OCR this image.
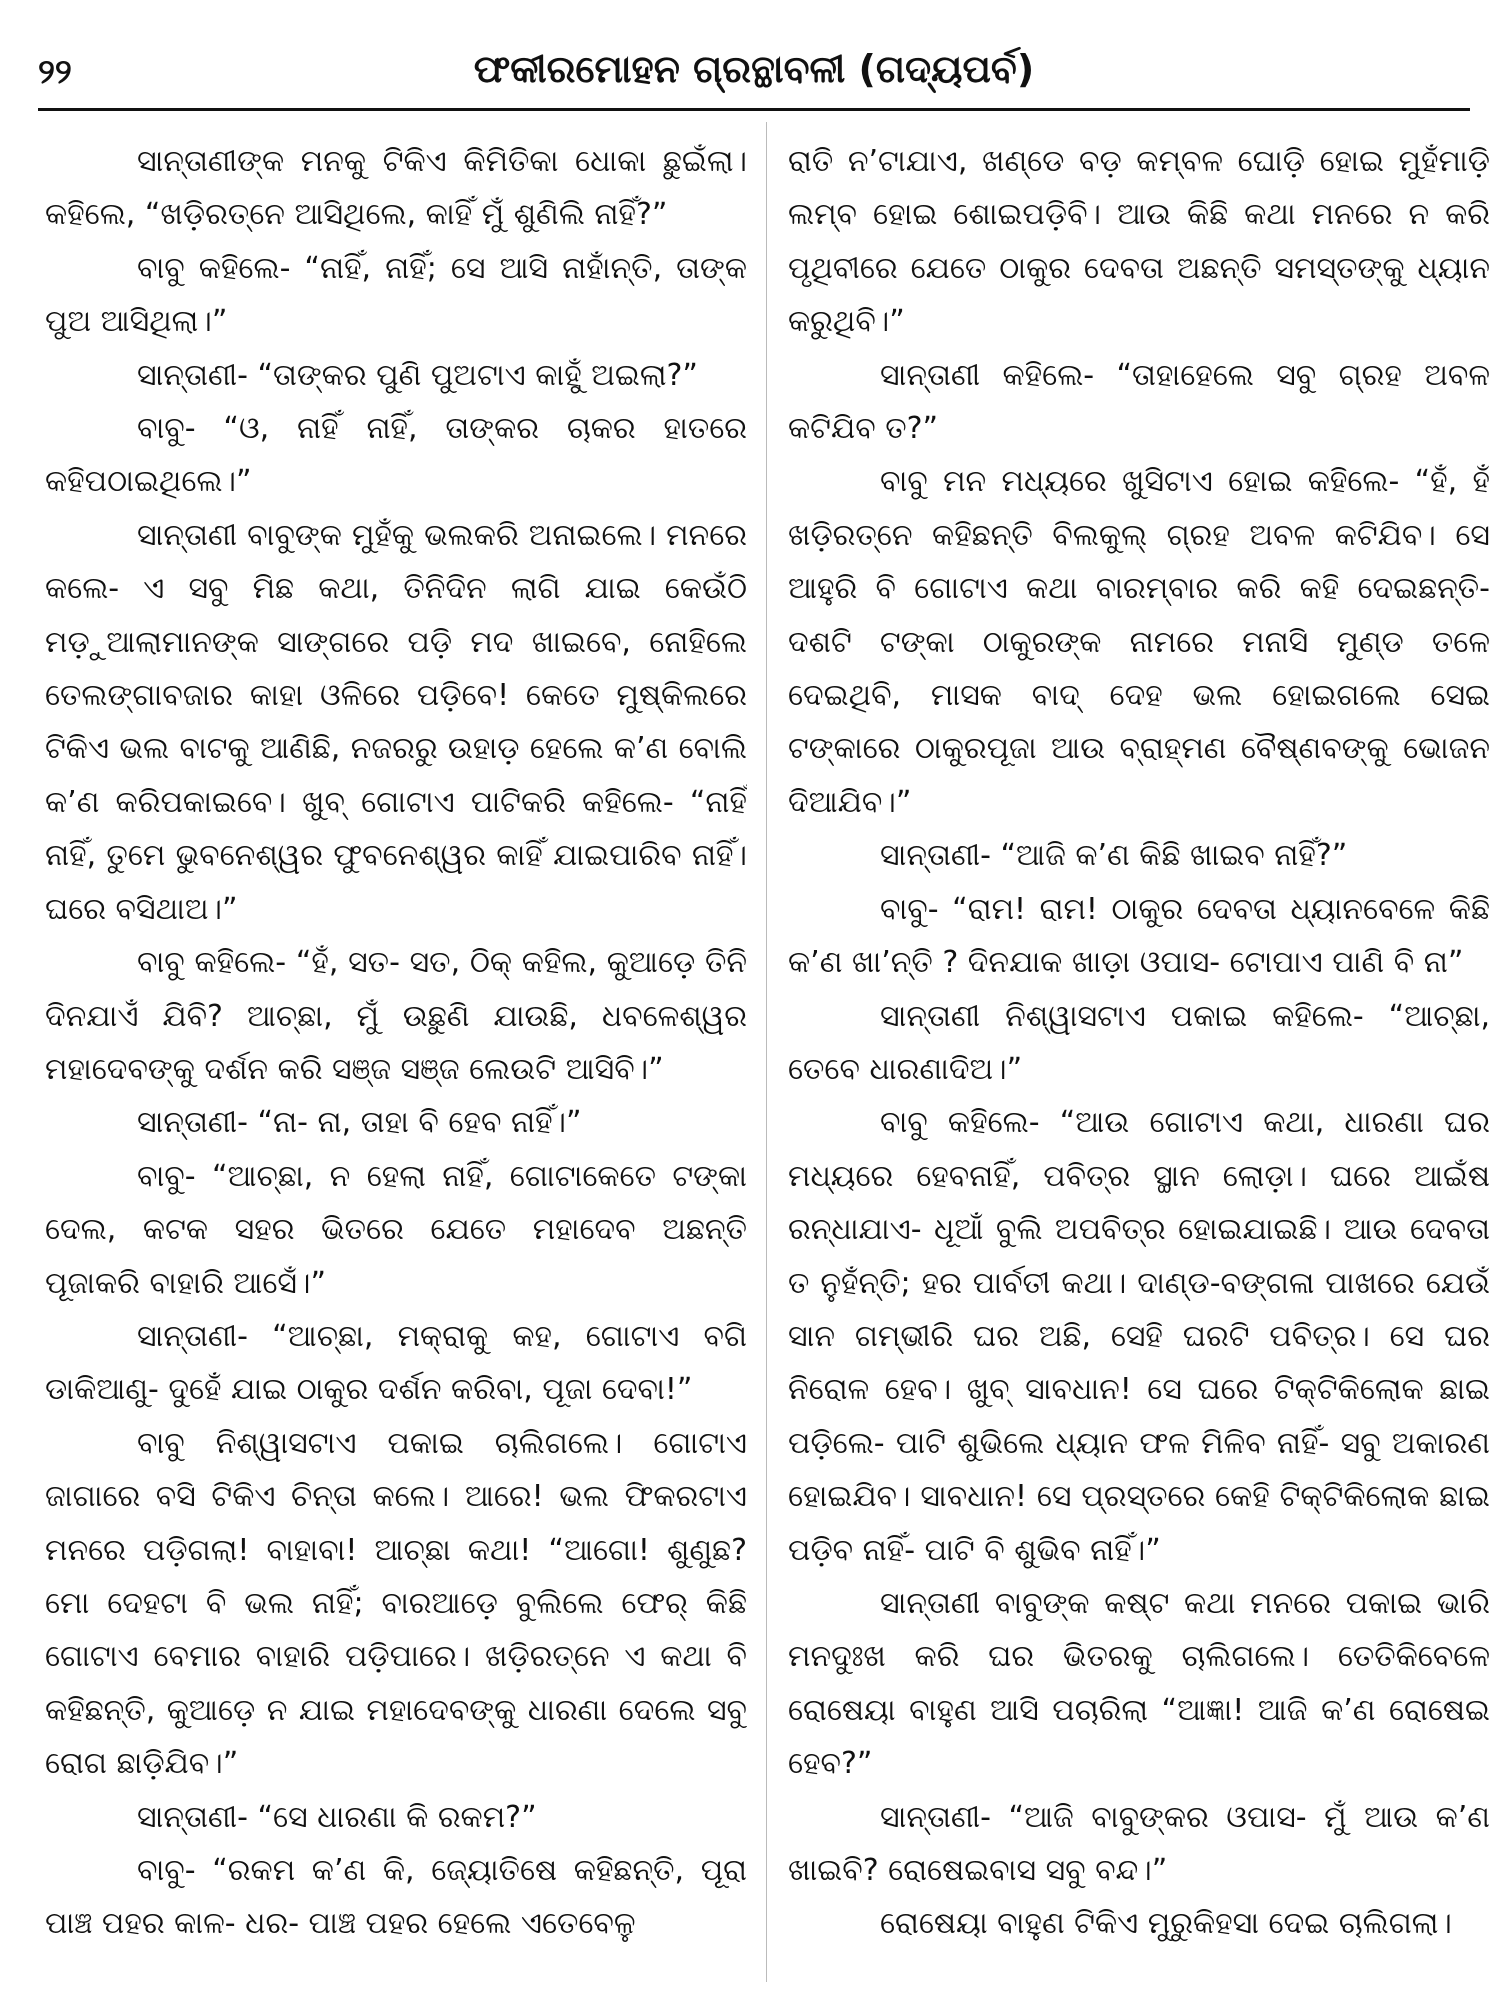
୨୨	ଫକୀରମୋହନ ଗ୍ରନ୍ଥାବଳୀ (ଗଦ୍ୟପର୍ବ)

ସାନ୍ତାଣୀଙ୍କ ମନକୁ ଟିକିଏ କିମିତିକା ଧୋକା ଛୁଇଁଲା। କହିଲେ, “ଖଡ଼ିରତ୍ନେ ଆସିଥିଲେ, କାହିଁ ମୁଁ ଶୁଣିଲି ନାହିଁ?”

ବାବୁ କହିଲେ- “ନାହିଁ, ନାହିଁ; ସେ ଆସି ନାହାଁନ୍ତି, ତାଙ୍କ ପୁଅ ଆସିଥିଲା।”

ସାନ୍ତାଣୀ- “ତାଙ୍କର ପୁଣି ପୁଅଟାଏ କାହୁଁ ଅଇଲା?”

ବାବୁ- “ଓ, ନାହିଁ ନାହିଁ, ତାଙ୍କର ଚାକର ହାତରେ କହିପଠାଇଥିଲେ।”

ସାନ୍ତାଣୀ ବାବୁଙ୍କ ମୁହଁକୁ ଭଲକରି ଅନାଇଲେ। ମନରେ କଲେ- ଏ ସବୁ ମିଛ କଥା, ତିନିଦିନ ଲାଗି ଯାଇ କେଉଁଠି ମଡ଼ୁଆଲାମାନଙ୍କ ସାଙ୍ଗରେ ପଡ଼ି ମଦ ଖାଇବେ, ନୋହିଲେ ତେଲଙ୍ଗାବଜାର କାହା ଓଳିରେ ପଡ଼ିବେ! କେତେ ମୁଷ୍କିଲରେ ଟିକିଏ ଭଲ ବାଟକୁ ଆଣିଛି, ନଜରରୁ ଉହାଡ଼ ହେଲେ କ’ଣ ବୋଲି କ’ଣ କରିପକାଇବେ। ଖୁବ୍ ଗୋଟାଏ ପାଟିକରି କହିଲେ- “ନାହିଁ ନାହିଁ, ତୁମେ ଭୁବନେଶ୍ୱର ଫୁବନେଶ୍ୱର କାହିଁ ଯାଇପାରିବ ନାହିଁ। ଘରେ ବସିଥାଅ।”

ବାବୁ କହିଲେ- “ହଁ, ସତ- ସତ, ଠିକ୍ କହିଲ, କୁଆଡ଼େ ତିନି ଦିନଯାଏଁ ଯିବି? ଆଚ୍ଛା, ମୁଁ ଉଛୁଣି ଯାଉଛି, ଧବଳେଶ୍ୱର ମହାଦେବଙ୍କୁ ଦର୍ଶନ କରି ସଞ୍ଜ ସଞ୍ଜ ଲେଉଟି ଆସିବି।”

ସାନ୍ତାଣୀ- “ନା- ନା, ତାହା ବି ହେବ ନାହିଁ।”

ବାବୁ- “ଆଚ୍ଛା, ନ ହେଲା ନାହିଁ, ଗୋଟାକେତେ ଟଙ୍କା ଦେଲ, କଟକ ସହର ଭିତରେ ଯେତେ ମହାଦେବ ଅଛନ୍ତି ପୂଜାକରି ବାହାରି ଆସେଁ।”

ସାନ୍ତାଣୀ- “ଆଚ୍ଛା, ମକ୍ରାକୁ କହ, ଗୋଟାଏ ବଗି ଡାକିଆଣୁ- ଦୁହେଁ ଯାଇ ଠାକୁର ଦର୍ଶନ କରିବା, ପୂଜା ଦେବା!”

ବାବୁ ନିଶ୍ୱାସଟାଏ ପକାଇ ଚାଲିଗଲେ। ଗୋଟାଏ ଜାଗାରେ ବସି ଟିକିଏ ଚିନ୍ତା କଲେ। ଆରେ! ଭଲ ଫିକରଟାଏ ମନରେ ପଡ଼ିଗଲା! ବାହାବା! ଆଚ୍ଛା କଥା! “ଆଗୋ! ଶୁଣୁଛ? ମୋ ଦେହଟା ବି ଭଲ ନାହିଁ; ବାରଆଡ଼େ ବୁଲିଲେ ଫେର୍ କିଛି ଗୋଟାଏ ବେମାର ବାହାରି ପଡ଼ିପାରେ। ଖଡ଼ିରତ୍ନେ ଏ କଥା ବି କହିଛନ୍ତି, କୁଆଡ଼େ ନ ଯାଇ ମହାଦେବଙ୍କୁ ଧାରଣା ଦେଲେ ସବୁ ରୋଗ ଛାଡ଼ିଯିବ।”

ସାନ୍ତାଣୀ- “ସେ ଧାରଣା କି ରକମ?”

ବାବୁ- “ରକମ କ’ଣ କି, ଜ୍ୟୋତିଷେ କହିଛନ୍ତି, ପୂରା ପାଞ୍ଚ ପହର କାଳ- ଧର- ପାଞ୍ଚ ପହର ହେଲେ ଏତେବେଳୁ

ରାତି ନ’ଟାଯାଏ, ଖଣ୍ଡେ ବଡ଼ କମ୍ବଳ ଘୋଡ଼ି ହୋଇ ମୁହଁମାଡ଼ି ଲମ୍ବ ହୋଇ ଶୋଇପଡ଼ିବି। ଆଉ କିଛି କଥା ମନରେ ନ କରି ପୃଥିବୀରେ ଯେତେ ଠାକୁର ଦେବତା ଅଛନ୍ତି ସମସ୍ତଙ୍କୁ ଧ୍ୟାନ କରୁଥିବି।”

ସାନ୍ତାଣୀ କହିଲେ- “ତାହାହେଲେ ସବୁ ଗ୍ରହ ଅବଳ କଟିଯିବ ତ?”

ବାବୁ ମନ ମଧ୍ୟରେ ଖୁସିଟାଏ ହୋଇ କହିଲେ- “ହଁ, ହଁ ଖଡ଼ିରତ୍ନେ କହିଛନ୍ତି ବିଲକୁଲ୍ ଗ୍ରହ ଅବଳ କଟିଯିବ। ସେ ଆହୁରି ବି ଗୋଟାଏ କଥା ବାରମ୍ବାର କରି କହି ଦେଇଛନ୍ତି- ଦଶଟି ଟଙ୍କା ଠାକୁରଙ୍କ ନାମରେ ମନାସି ମୁଣ୍ଡ ତଳେ ଦେଇଥିବି, ମାସକ ବାଦ୍ ଦେହ ଭଲ ହୋଇଗଲେ ସେଇ ଟଙ୍କାରେ ଠାକୁରପୂଜା ଆଉ ବ୍ରାହ୍ମଣ ବୈଷ୍ଣବଙ୍କୁ ଭୋଜନ ଦିଆଯିବ।”

ସାନ୍ତାଣୀ- “ଆଜି କ’ଣ କିଛି ଖାଇବ ନାହିଁ?”

ବାବୁ- “ରାମ! ରାମ! ଠାକୁର ଦେବତା ଧ୍ୟାନବେଳେ କିଛି କ’ଣ ଖା’ନ୍ତି ? ଦିନଯାକ ଖାଡ଼ା ଓପାସ- ଟୋପାଏ ପାଣି ବି ନା”

ସାନ୍ତାଣୀ ନିଶ୍ୱାସଟାଏ ପକାଇ କହିଲେ- “ଆଚ୍ଛା, ତେବେ ଧାରଣାଦିଅ।”

ବାବୁ କହିଲେ- “ଆଉ ଗୋଟାଏ କଥା, ଧାରଣା ଘର ମଧ୍ୟରେ ହେବନାହିଁ, ପବିତ୍ର ସ୍ଥାନ ଲୋଡ଼ା। ଘରେ ଆଇଁଷ ରନ୍ଧାଯାଏ- ଧୂଆଁ ବୁଲି ଅପବିତ୍ର ହୋଇଯାଇଛି। ଆଉ ଦେବତା ତ ନୁହଁନ୍ତି; ହର ପାର୍ବତୀ କଥା। ଦାଣ୍ଡ-ବଙ୍ଗଳା ପାଖରେ ଯେଉଁ ସାନ ଗମ୍ଭୀରି ଘର ଅଛି, ସେହି ଘରଟି ପବିତ୍ର। ସେ ଘର ନିରୋଳ ହେବ। ଖୁବ୍ ସାବଧାନ! ସେ ଘରେ ଟିକ୍ଟିକିଲୋକ ଛାଇ ପଡ଼ିଲେ- ପାଟି ଶୁଭିଲେ ଧ୍ୟାନ ଫଳ ମିଳିବ ନାହିଁ- ସବୁ ଅକାରଣ ହୋଇଯିବ। ସାବଧାନ! ସେ ପ୍ରସ୍ତରେ କେହି ଟିକ୍ଟିକିଲୋକ ଛାଇ ପଡ଼ିବ ନାହିଁ- ପାଟି ବି ଶୁଭିବ ନାହିଁ।”

ସାନ୍ତାଣୀ ବାବୁଙ୍କ କଷ୍ଟ କଥା ମନରେ ପକାଇ ଭାରି ମନଦୁଃଖ କରି ଘର ଭିତରକୁ ଚାଲିଗଲେ। ତେତିକିବେଳେ ରୋଷେୟା ବାହୁଣ ଆସି ପଚାରିଲା “ଆଜ୍ଞା! ଆଜି କ’ଣ ରୋଷେଇ ହେବ?”

ସାନ୍ତାଣୀ- “ଆଜି ବାବୁଙ୍କର ଓପାସ- ମୁଁ ଆଉ କ’ଣ ଖାଇବି? ରୋଷେଇବାସ ସବୁ ବନ୍ଦ।”

ରୋଷେୟା ବାହୁଣ ଟିକିଏ ମୁରୁକିହସା ଦେଇ ଚାଲିଗଲା।
